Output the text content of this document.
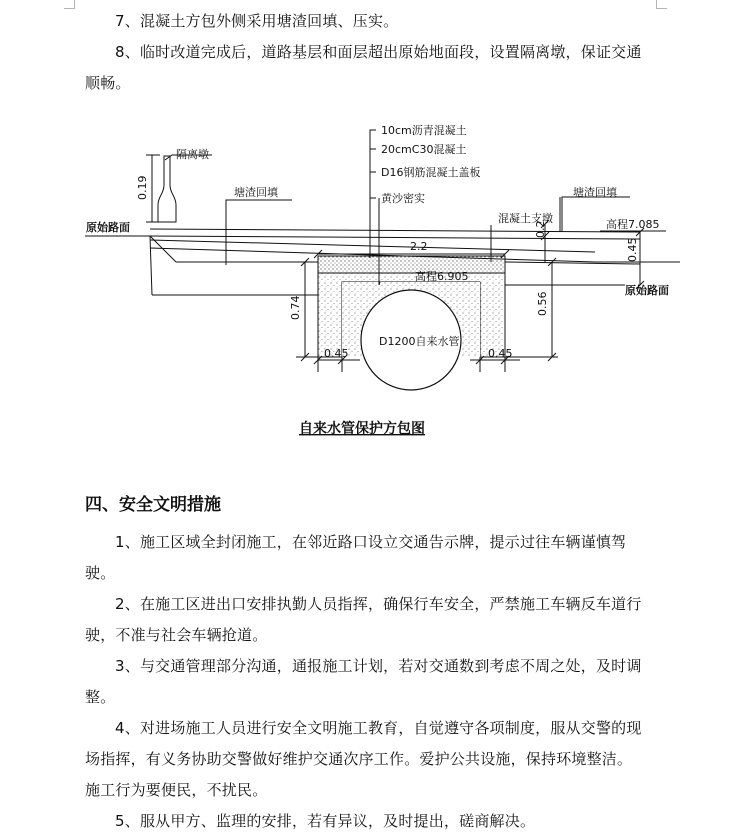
7、混凝土方包外侧采用塘渣回填、压实。

8、临时改道完成后，道路基层和面层超出原始地面段，设置隔离墩，保证交通顺畅。

隔离墩
塘渣回填
10cm沥青混凝土
20cmC30混凝土
D16钢筋混凝土盖板
黄沙密实	塘渣回填
混凝土支墩	高程7.085
高程6.905
原始路面
原始路面
D1200自来水管
0.19
2.2
0.2
0.45
0.74	0.56
0.45	0.45
自来水管保护方包图
四、安全文明措施

1、施工区域全封闭施工，在邻近路口设立交通告示牌，提示过往车辆谨慎驾驶。

2、在施工区进出口安排执勤人员指挥，确保行车安全，严禁施工车辆反车道行驶，不准与社会车辆抢道。

3、与交通管理部分沟通，通报施工计划，若对交通数到考虑不周之处，及时调整。

4、对进场施工人员进行安全文明施工教育，自觉遵守各项制度，服从交警的现场指挥，有义务协助交警做好维护交通次序工作。爱护公共设施，保持环境整洁。施工行为要便民，不扰民。

5、服从甲方、监理的安排，若有异议，及时提出，磋商解决。
